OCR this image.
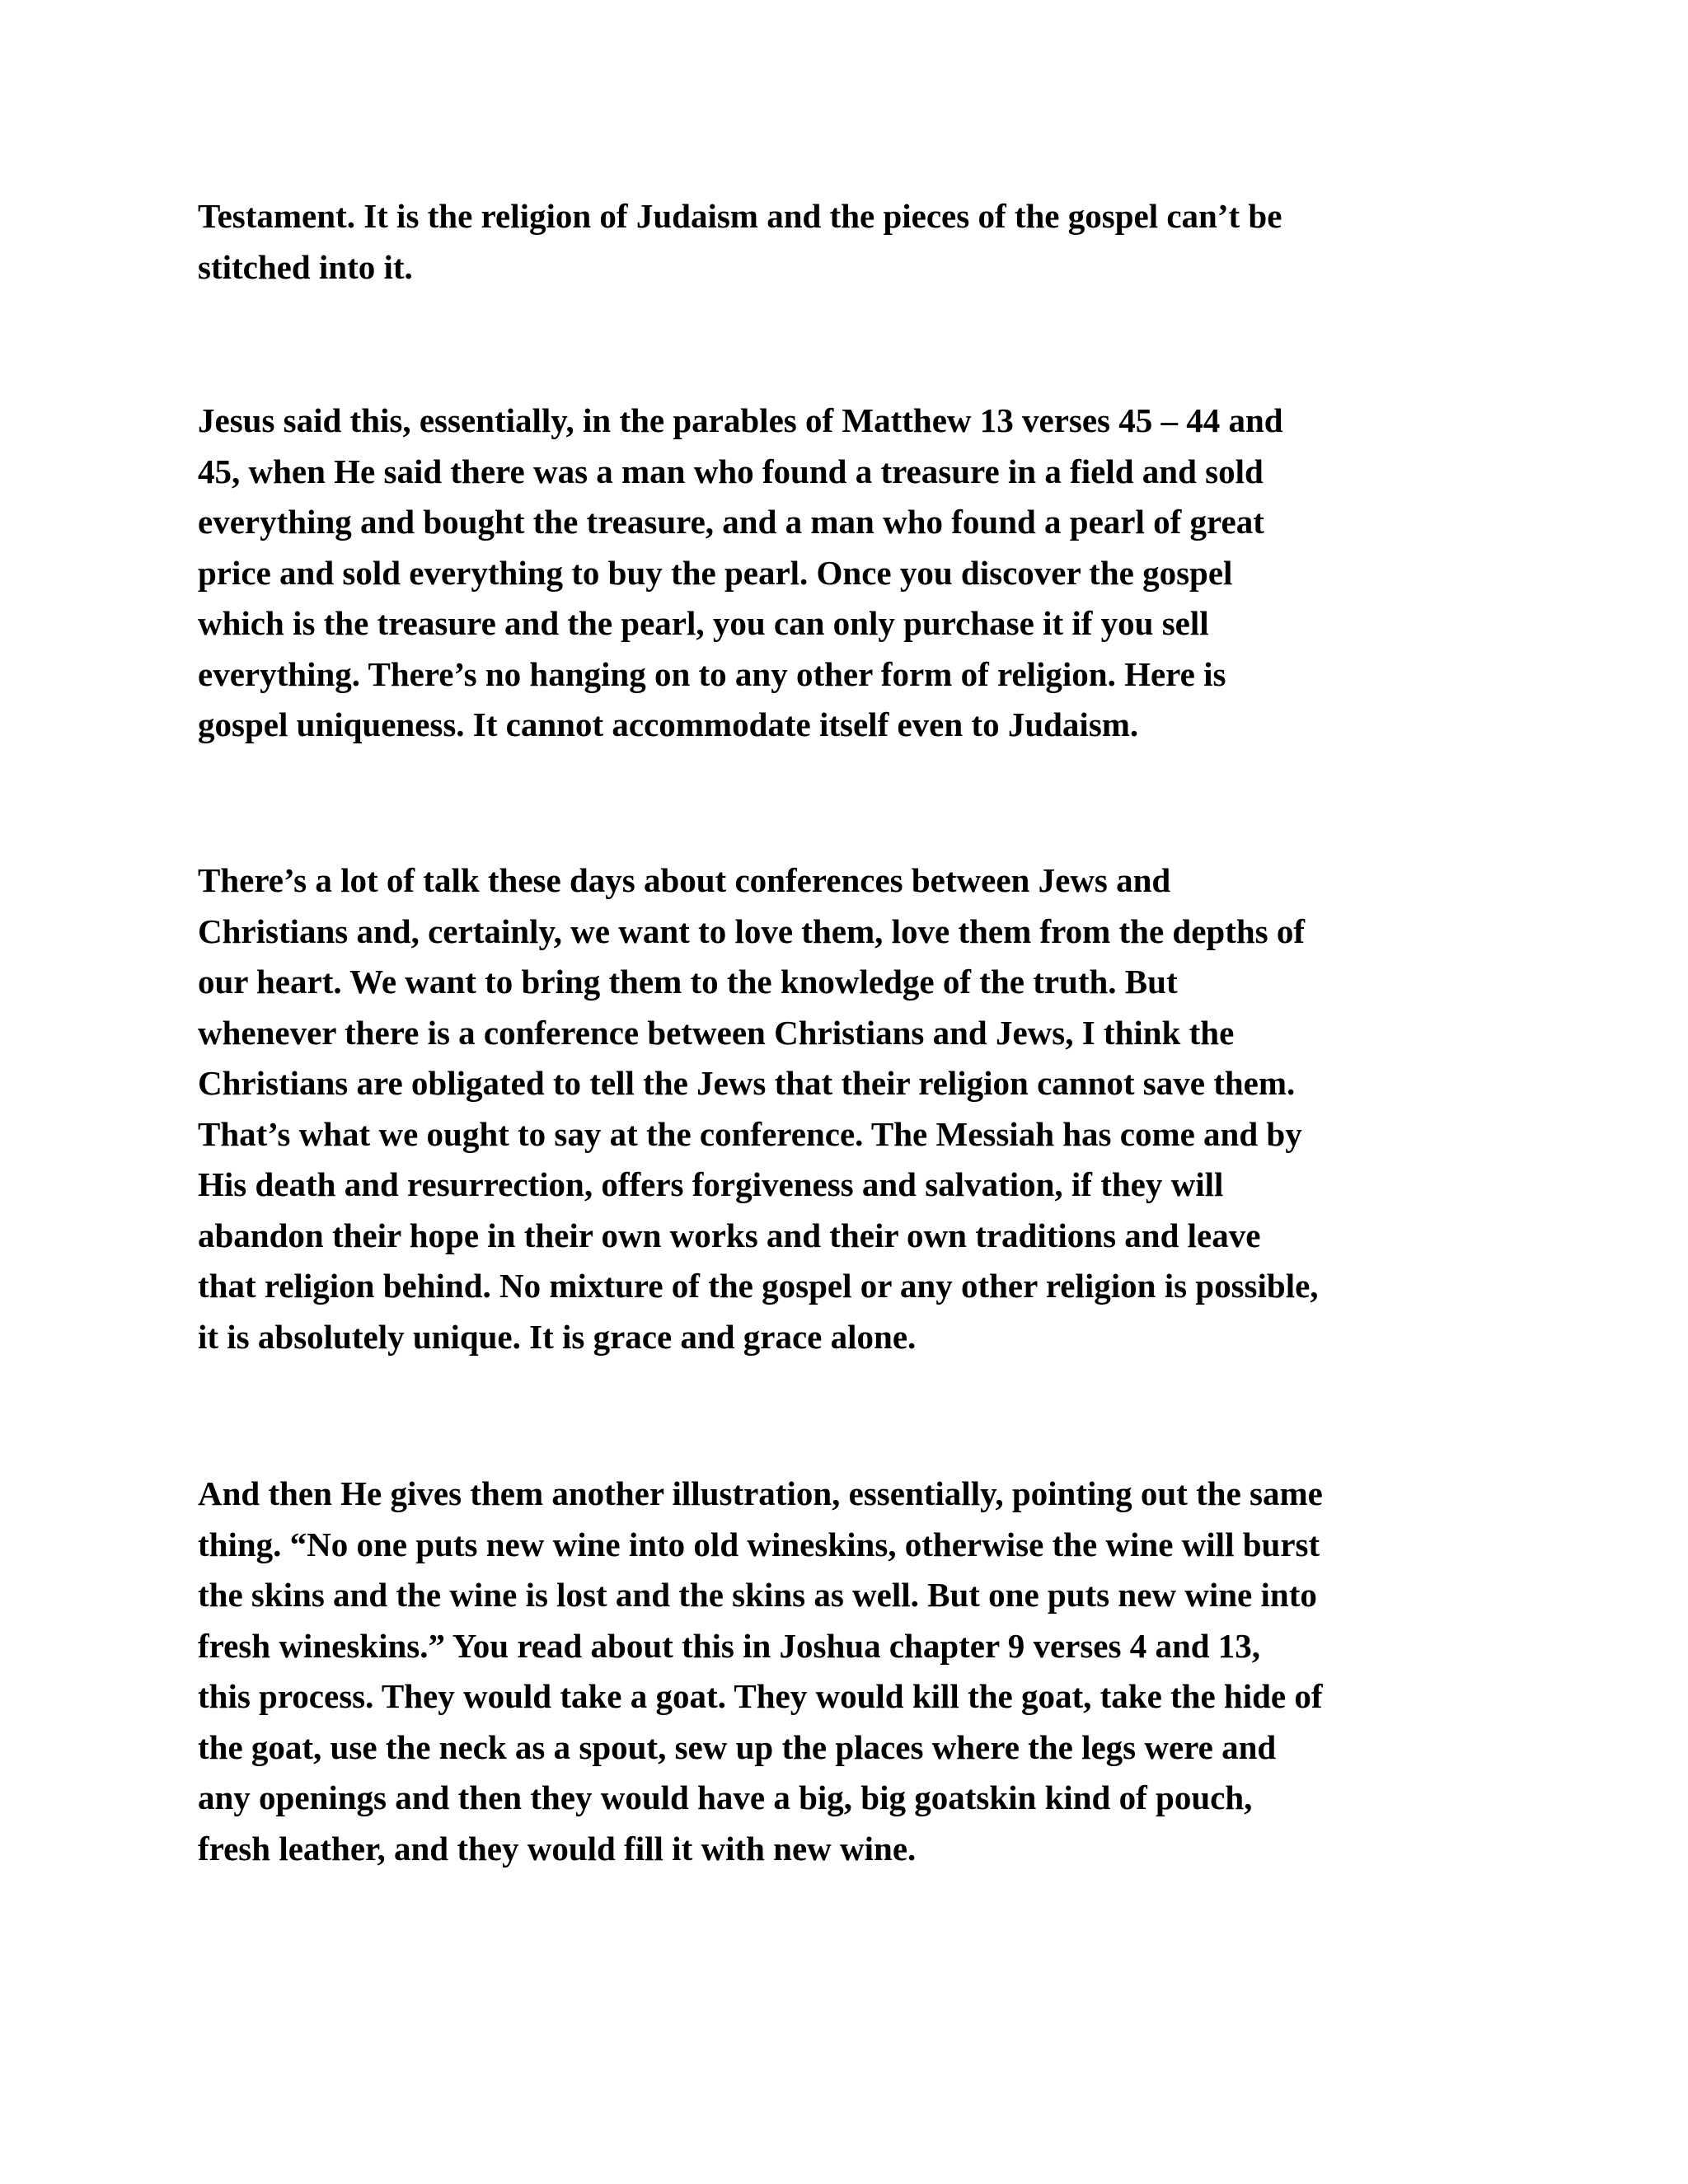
Testament. It is the religion of Judaism and the pieces of the gospel can’t be
stitched into it.
Jesus said this, essentially, in the parables of Matthew 13 verses 45 – 44 and
45, when He said there was a man who found a treasure in a field and sold
everything and bought the treasure, and a man who found a pearl of great
price and sold everything to buy the pearl. Once you discover the gospel
which is the treasure and the pearl, you can only purchase it if you sell
everything. There’s no hanging on to any other form of religion. Here is
gospel uniqueness. It cannot accommodate itself even to Judaism.
There’s a lot of talk these days about conferences between Jews and
Christians and, certainly, we want to love them, love them from the depths of
our heart. We want to bring them to the knowledge of the truth. But
whenever there is a conference between Christians and Jews, I think the
Christians are obligated to tell the Jews that their religion cannot save them.
That’s what we ought to say at the conference. The Messiah has come and by
His death and resurrection, offers forgiveness and salvation, if they will
abandon their hope in their own works and their own traditions and leave
that religion behind. No mixture of the gospel or any other religion is possible,
it is absolutely unique. It is grace and grace alone.
And then He gives them another illustration, essentially, pointing out the same
thing. “No one puts new wine into old wineskins, otherwise the wine will burst
the skins and the wine is lost and the skins as well. But one puts new wine into
fresh wineskins.” You read about this in Joshua chapter 9 verses 4 and 13,
this process. They would take a goat. They would kill the goat, take the hide of
the goat, use the neck as a spout, sew up the places where the legs were and
any openings and then they would have a big, big goatskin kind of pouch,
fresh leather, and they would fill it with new wine.
